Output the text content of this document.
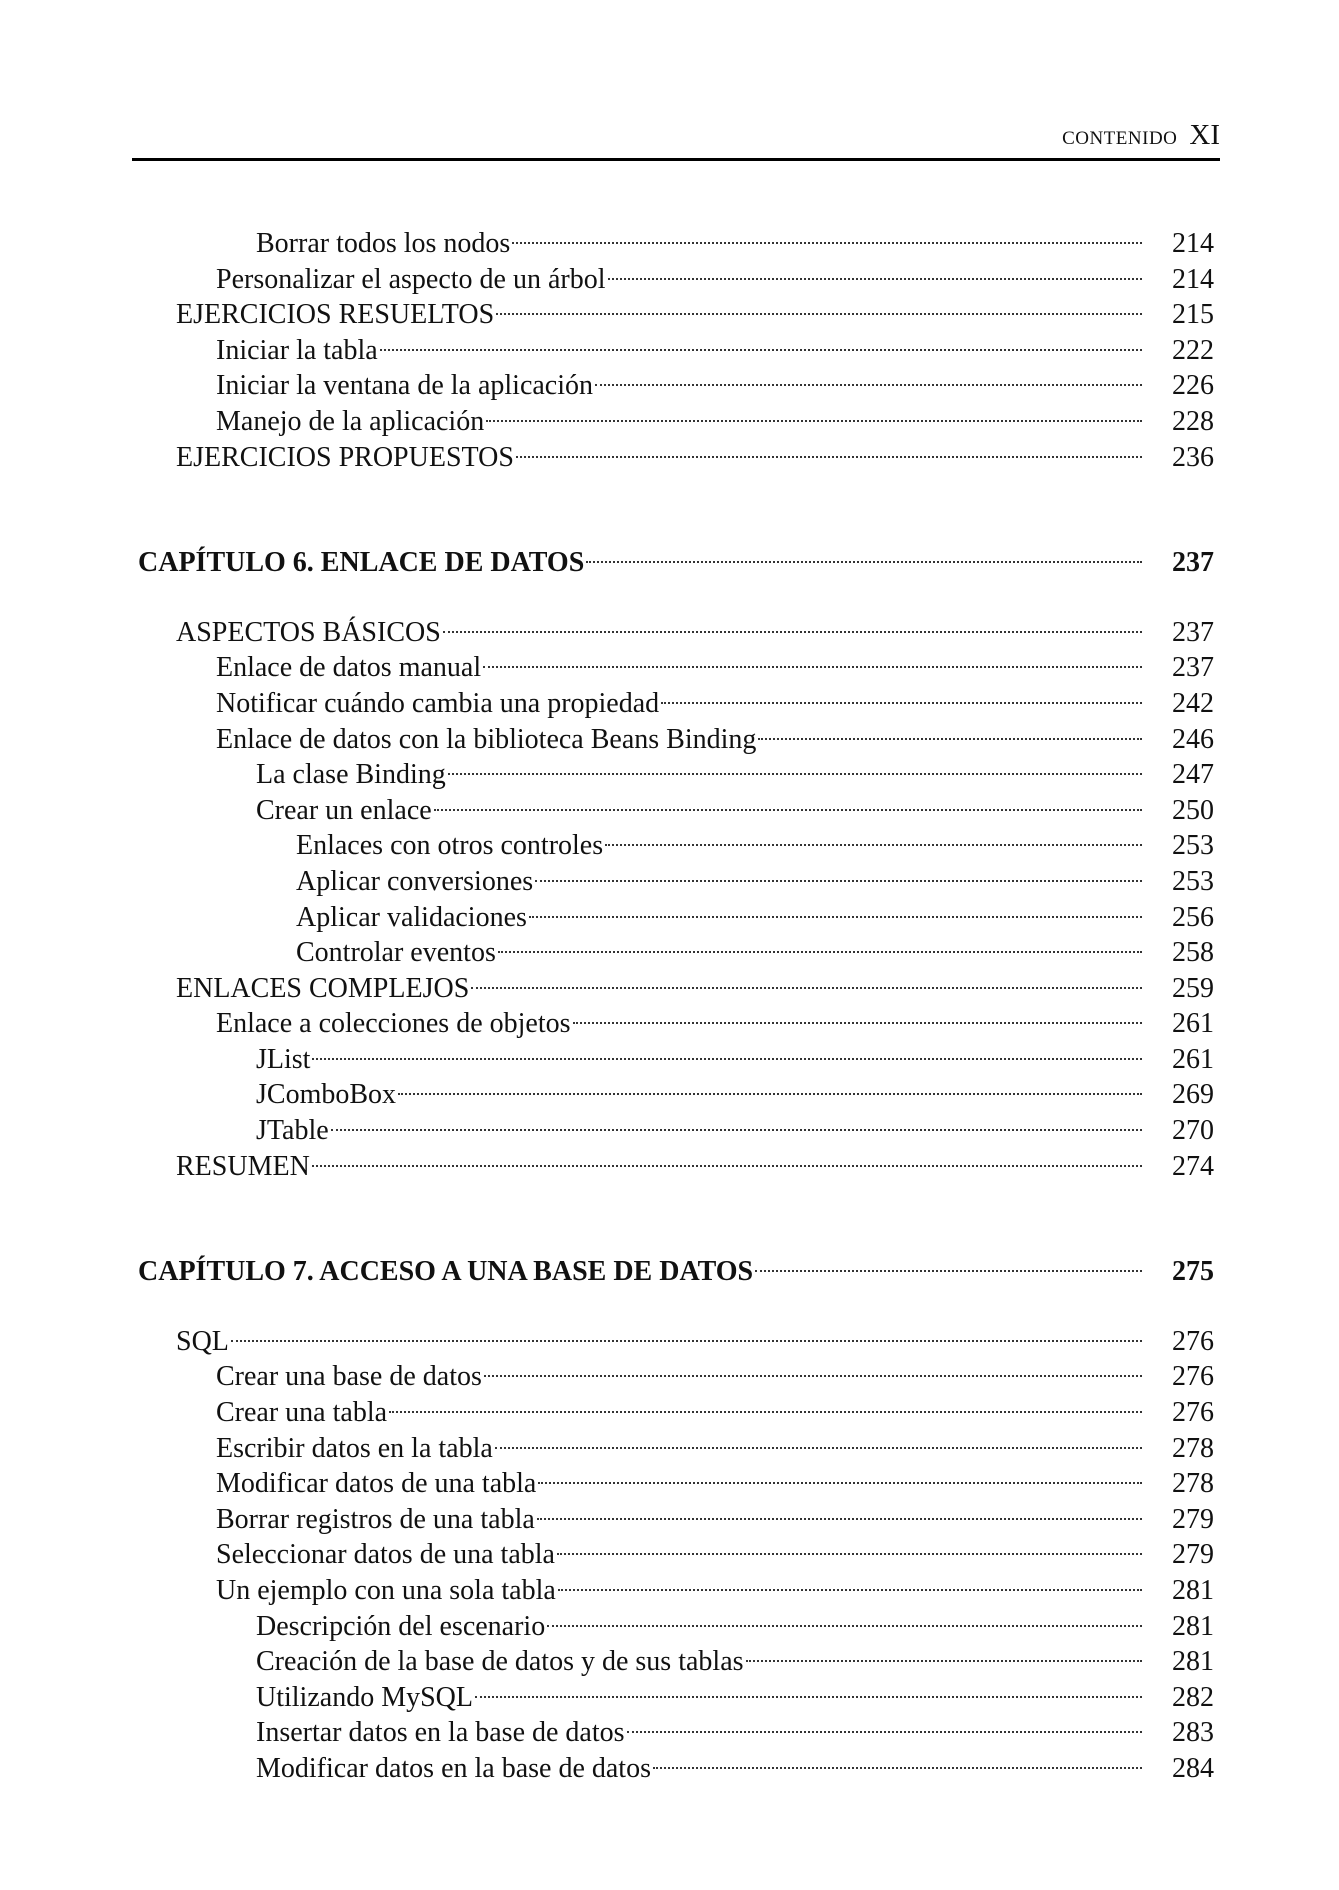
CONTENIDO XI
Borrar todos los nodos	214
Personalizar el aspecto de un árbol	214
EJERCICIOS RESUELTOS	215
Iniciar la tabla	222
Iniciar la ventana de la aplicación	226
Manejo de la aplicación	228
EJERCICIOS PROPUESTOS	236
CAPÍTULO 6. ENLACE DE DATOS	237
ASPECTOS BÁSICOS	237
Enlace de datos manual	237
Notificar cuándo cambia una propiedad	242
Enlace de datos con la biblioteca Beans Binding	246
La clase Binding	247
Crear un enlace	250
Enlaces con otros controles	253
Aplicar conversiones	253
Aplicar validaciones	256
Controlar eventos	258
ENLACES COMPLEJOS	259
Enlace a colecciones de objetos	261
JList	261
JComboBox	269
JTable	270
RESUMEN	274
CAPÍTULO 7. ACCESO A UNA BASE DE DATOS	275
SQL	276
Crear una base de datos	276
Crear una tabla	276
Escribir datos en la tabla	278
Modificar datos de una tabla	278
Borrar registros de una tabla	279
Seleccionar datos de una tabla	279
Un ejemplo con una sola tabla	281
Descripción del escenario	281
Creación de la base de datos y de sus tablas	281
Utilizando MySQL	282
Insertar datos en la base de datos	283
Modificar datos en la base de datos	284
